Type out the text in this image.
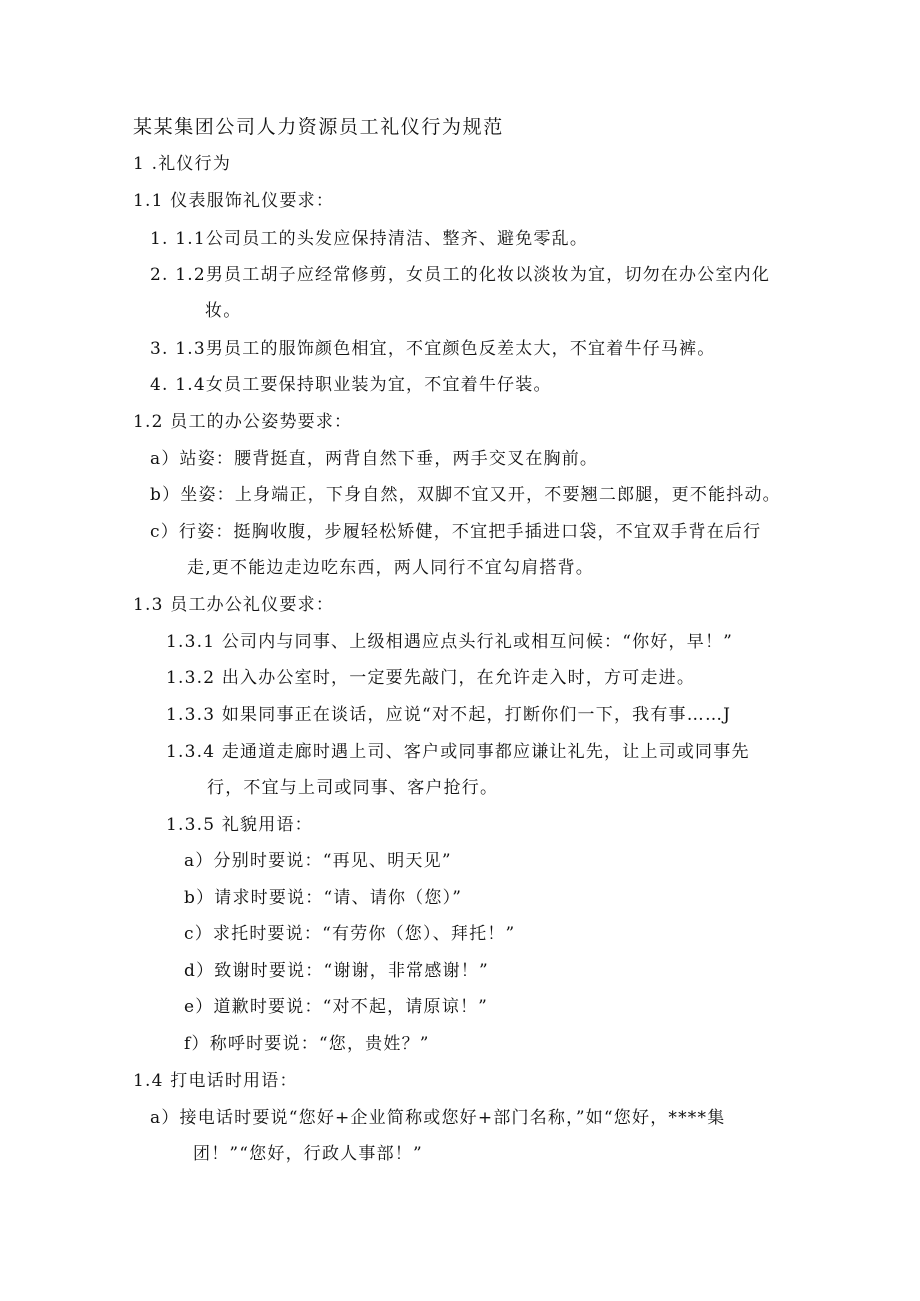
某某集团公司人力资源员工礼仪行为规范
1 .礼仪行为
1.1 仪表服饰礼仪要求：
1. 1.1公司员工的头发应保持清洁、整齐、避免零乱。
2. 1.2男员工胡子应经常修剪，女员工的化妆以淡妆为宜，切勿在办公室内化
妆。
3. 1.3男员工的服饰颜色相宜，不宜颜色反差太大，不宜着牛仔马裤。
4. 1.4女员工要保持职业装为宜，不宜着牛仔装。
1.2 员工的办公姿势要求：
a）站姿：腰背挺直，两背自然下垂，两手交叉在胸前。
b）坐姿：上身端正，下身自然，双脚不宜又开，不要翘二郎腿，更不能抖动。
c）行姿：挺胸收腹，步履轻松矫健，不宜把手插进口袋，不宜双手背在后行
走,更不能边走边吃东西，两人同行不宜勾肩搭背。
1.3 员工办公礼仪要求：
1.3.1 公司内与同事、上级相遇应点头行礼或相互问候：“你好，早！”
1.3.2 出入办公室时，一定要先敲门，在允许走入时，方可走进。
1.3.3 如果同事正在谈话，应说“对不起，打断你们一下，我有事……J
1.3.4 走通道走廊时遇上司、客户或同事都应谦让礼先，让上司或同事先
行，不宜与上司或同事、客户抢行。
1.3.5 礼貌用语：
a）分别时要说：“再见、明天见”
b）请求时要说：“请、请你（您）”
c）求托时要说：“有劳你（您）、拜托！”
d）致谢时要说：“谢谢，非常感谢！”
e）道歉时要说：“对不起，请原谅！”
f）称呼时要说：“您，贵姓？”
1.4 打电话时用语：
a）接电话时要说“您好+企业简称或您好+部门名称，”如“您好，****集
团！”“您好，行政人事部！”
